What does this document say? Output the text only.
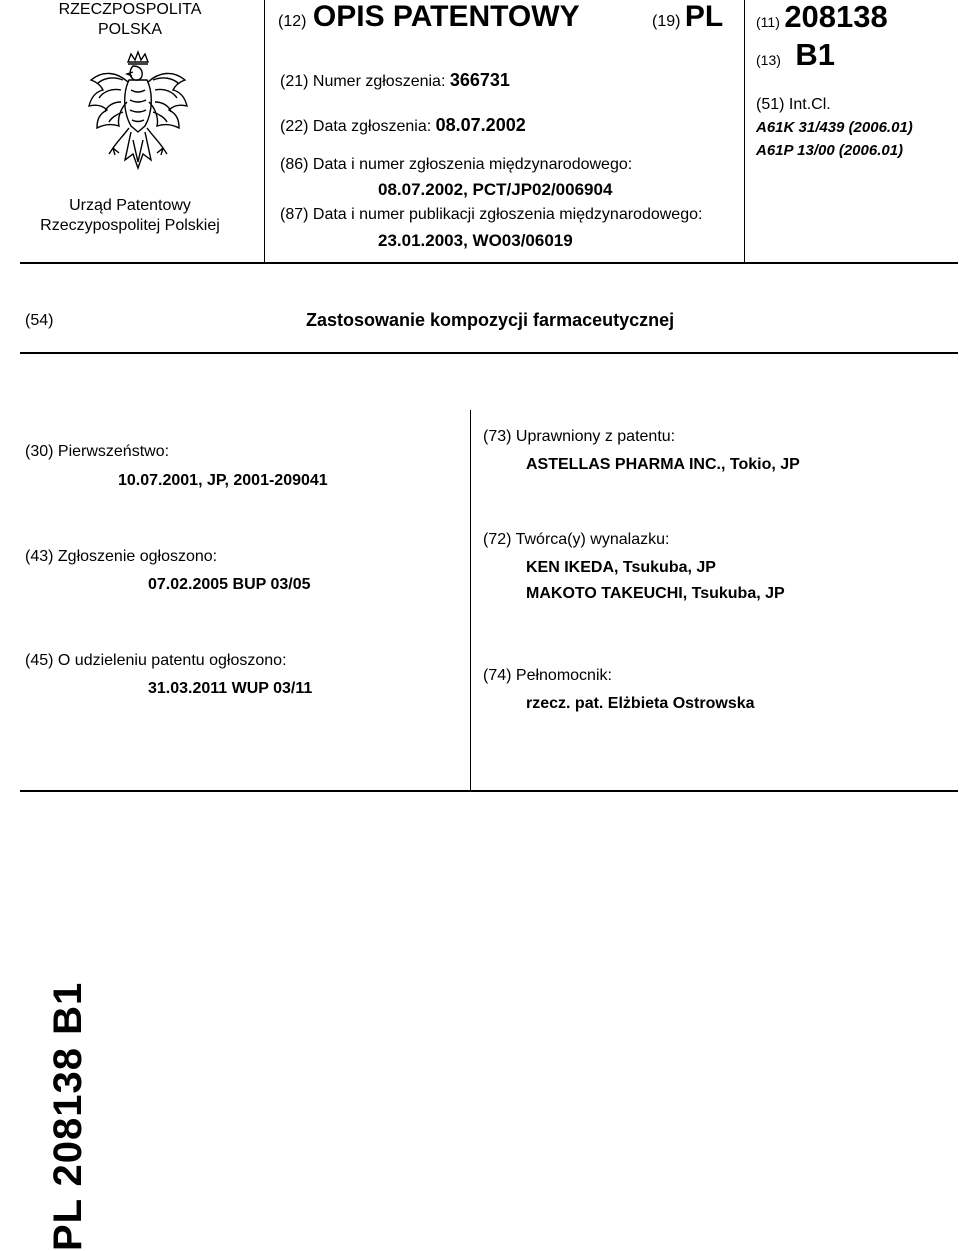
RZECZPOSPOLITA
POLSKA
Urząd Patentowy
Rzeczypospolitej Polskiej
(12) OPIS PATENTOWY	(19) PL (11) 208138
(13) B1
(21) Numer zgłoszenia: 366731
(22) Data zgłoszenia: 08.07.2002
(86) Data i numer zgłoszenia międzynarodowego:
08.07.2002, PCT/JP02/006904
(87) Data i numer publikacji zgłoszenia międzynarodowego:
23.01.2003, WO03/06019
(51) Int.Cl.
A61K 31/439 (2006.01)
A61P 13/00 (2006.01)
(54)	Zastosowanie kompozycji farmaceutycznej
(30) Pierwszeństwo:
10.07.2001, JP, 2001-209041
(43) Zgłoszenie ogłoszono:
07.02.2005 BUP 03/05
(45) O udzieleniu patentu ogłoszono:
31.03.2011 WUP 03/11
(73) Uprawniony z patentu:
ASTELLAS PHARMA INC., Tokio, JP
(72) Twórca(y) wynalazku:
KEN IKEDA, Tsukuba, JP
MAKOTO TAKEUCHI, Tsukuba, JP
(74) Pełnomocnik:
rzecz. pat. Elżbieta Ostrowska
PL 208138 B1
